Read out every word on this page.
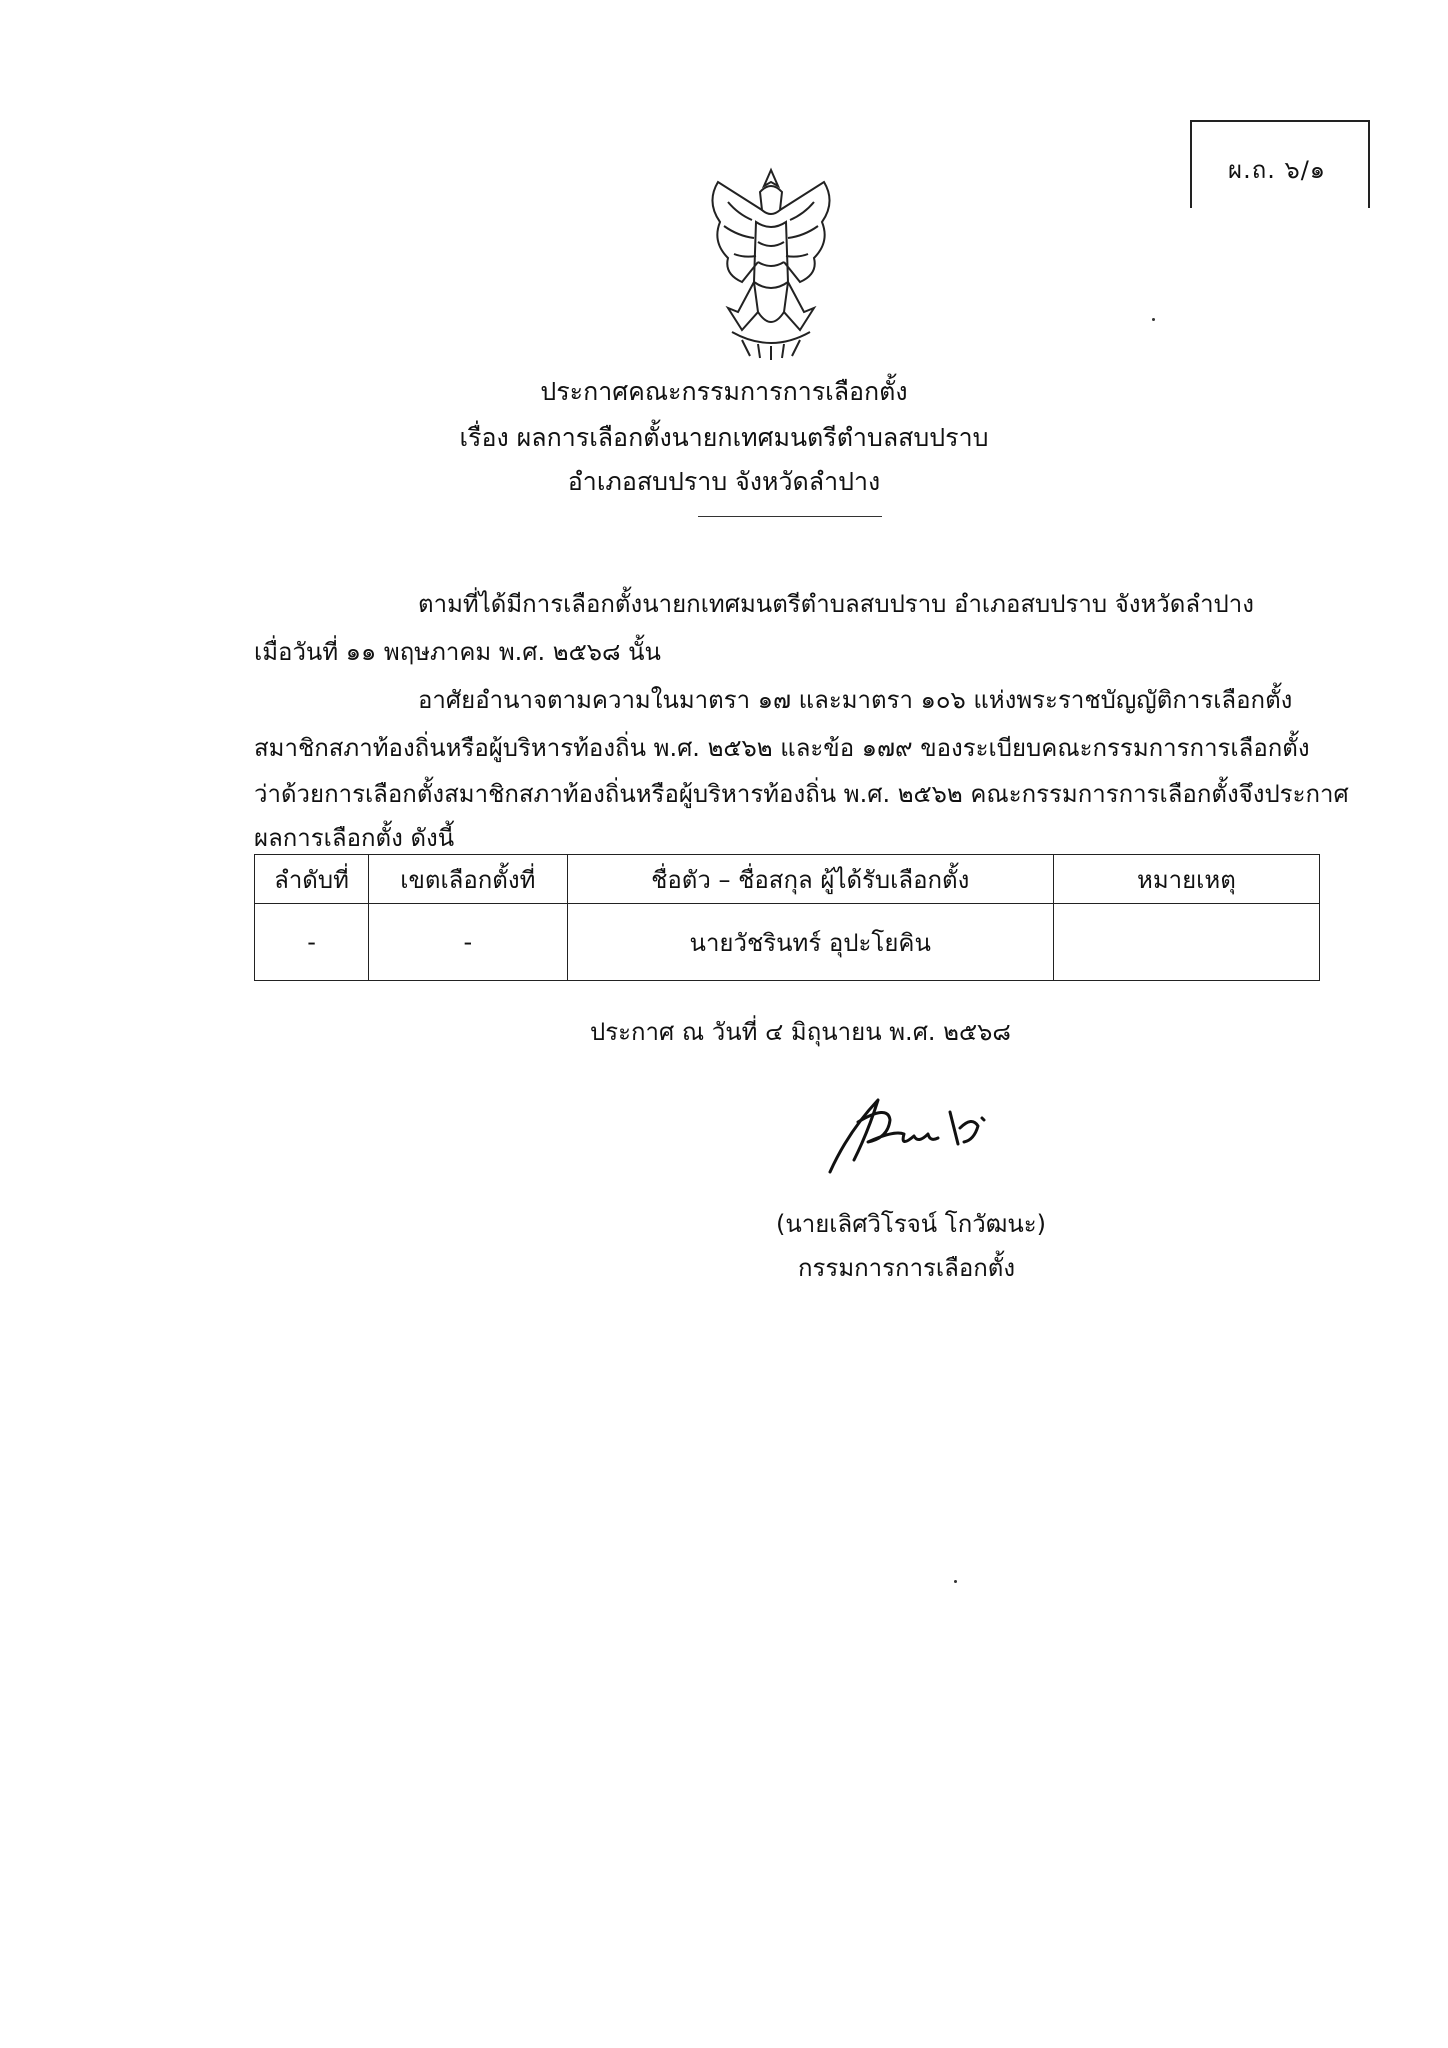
ผ.ถ. ๖/๑
ประกาศคณะกรรมการการเลือกตั้ง
เรื่อง ผลการเลือกตั้งนายกเทศมนตรีตำบลสบปราบ
อำเภอสบปราบ จังหวัดลำปาง
ตามที่ได้มีการเลือกตั้งนายกเทศมนตรีตำบลสบปราบ อำเภอสบปราบ จังหวัดลำปาง
เมื่อวันที่ ๑๑ พฤษภาคม พ.ศ. ๒๕๖๘ นั้น
อาศัยอำนาจตามความในมาตรา ๑๗ และมาตรา ๑๐๖ แห่งพระราชบัญญัติการเลือกตั้ง
สมาชิกสภาท้องถิ่นหรือผู้บริหารท้องถิ่น พ.ศ. ๒๕๖๒ และข้อ ๑๗๙ ของระเบียบคณะกรรมการการเลือกตั้ง
ว่าด้วยการเลือกตั้งสมาชิกสภาท้องถิ่นหรือผู้บริหารท้องถิ่น พ.ศ. ๒๕๖๒ คณะกรรมการการเลือกตั้งจึงประกาศ
ผลการเลือกตั้ง ดังนี้
ลำดับที่	เขตเลือกตั้งที่	ชื่อตัว – ชื่อสกุล ผู้ได้รับเลือกตั้ง	หมายเหตุ
-	-	นายวัชรินทร์ อุปะโยคิน	
ประกาศ ณ วันที่ ๔ มิถุนายน พ.ศ. ๒๕๖๘
(นายเลิศวิโรจน์ โกวัฒนะ)
กรรมการการเลือกตั้ง
